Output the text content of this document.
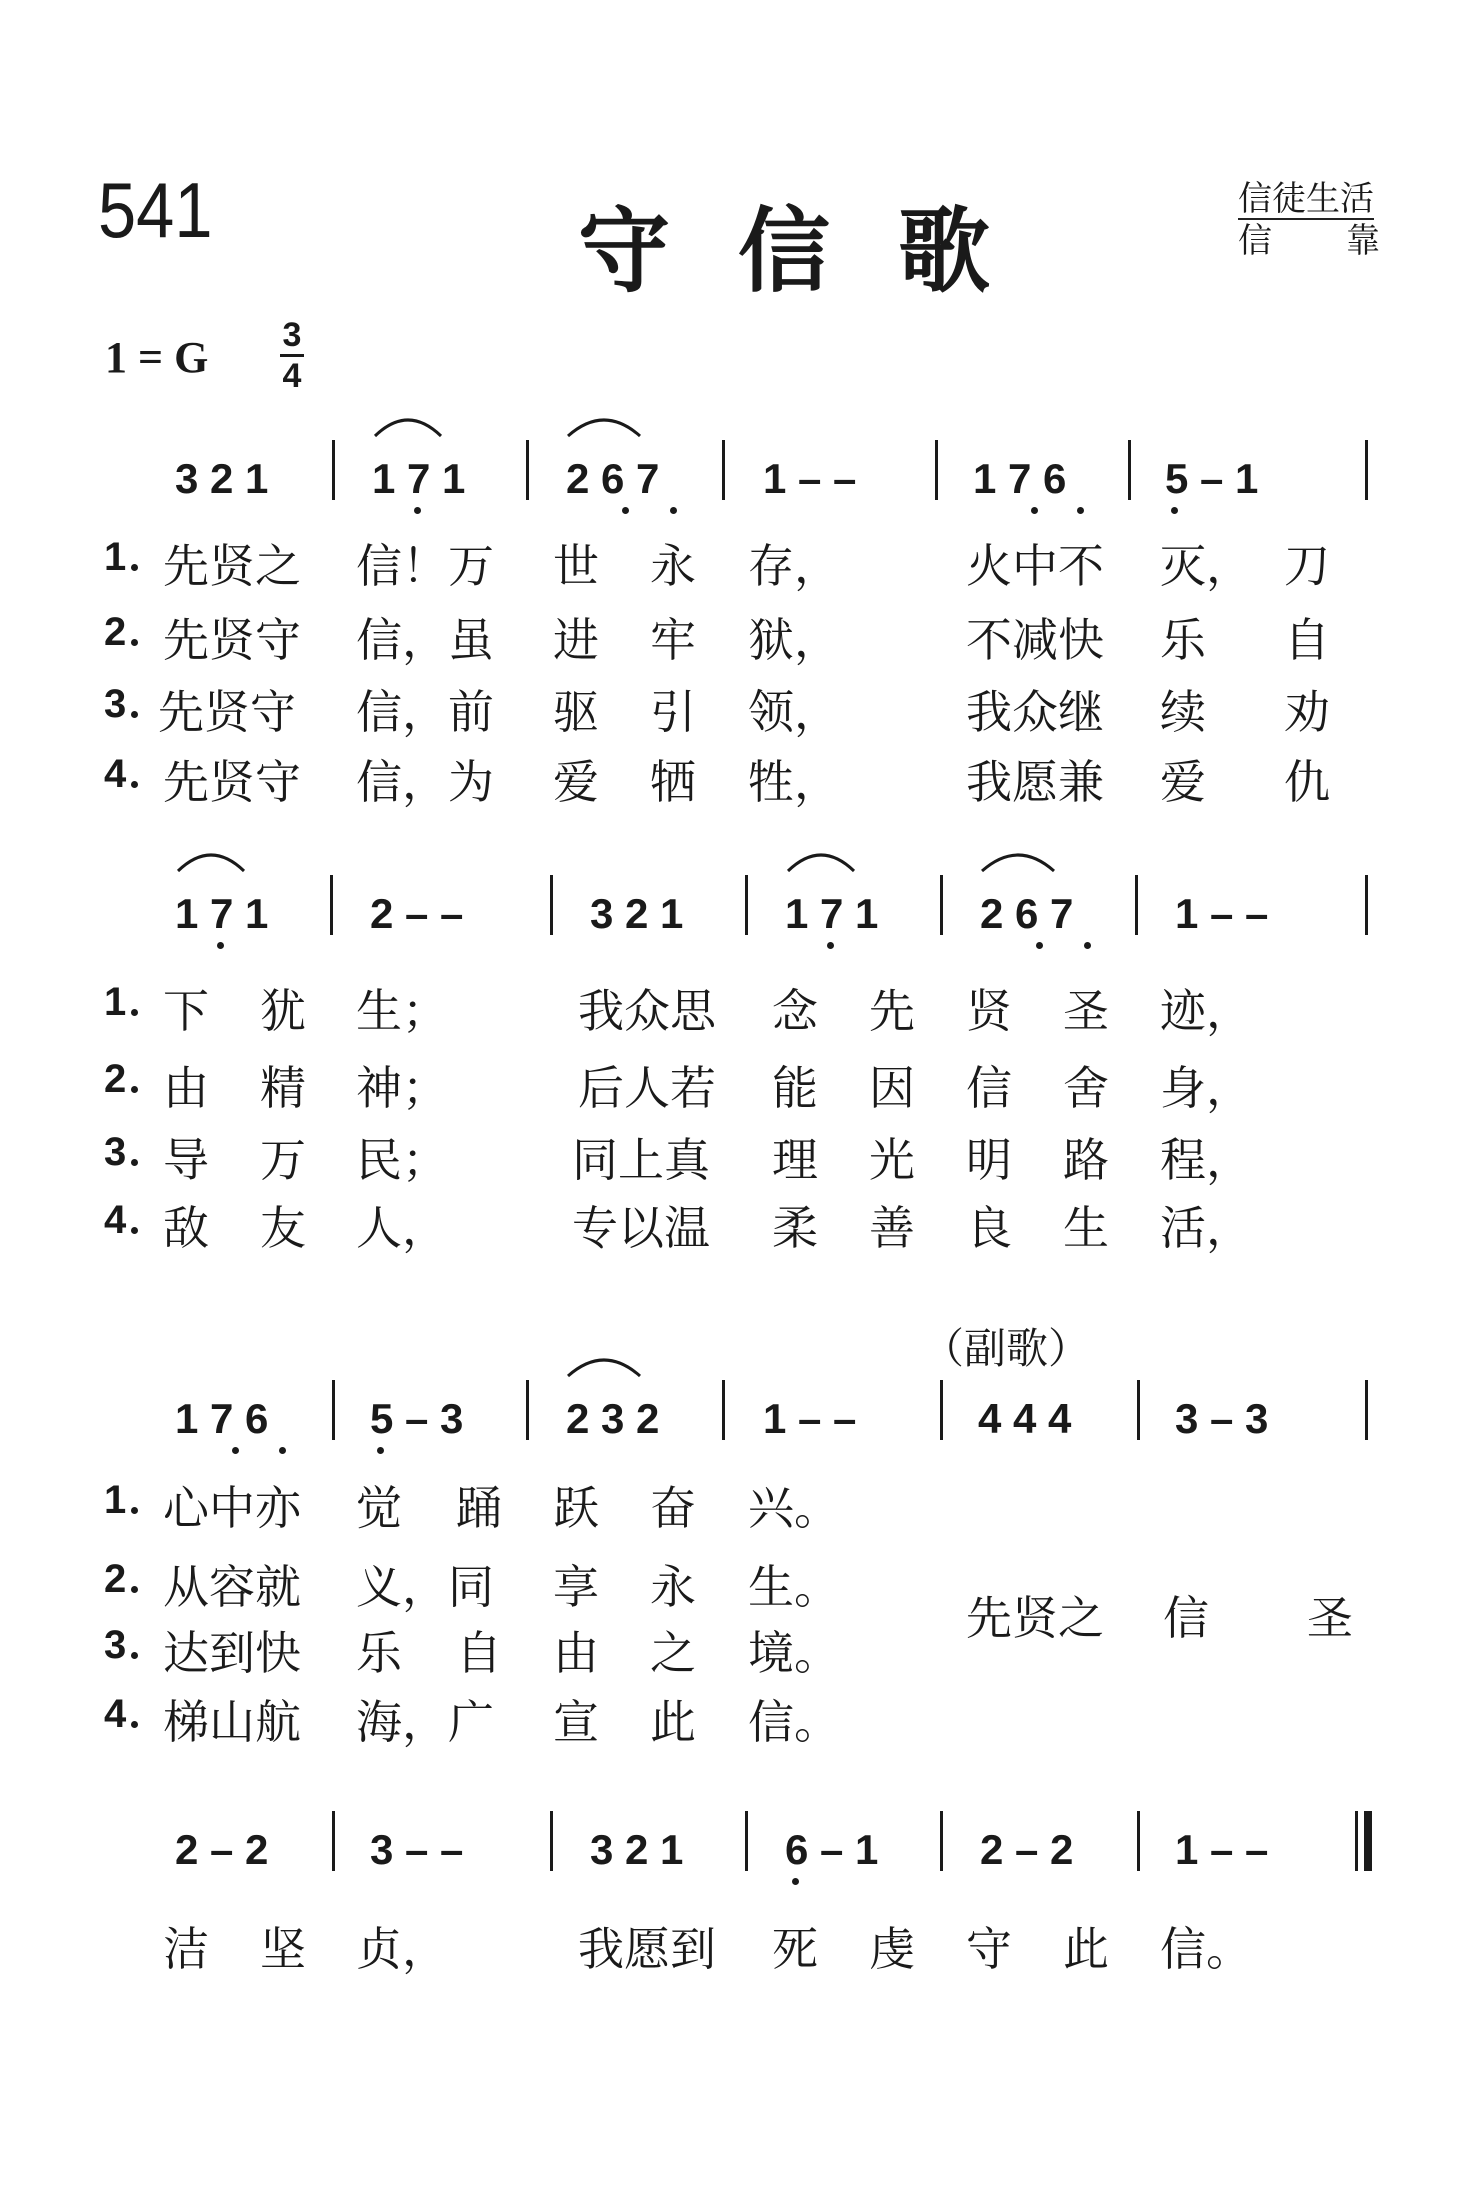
541	守信歌	信徒生活
信 靠
1 = G 3
4
3 2 1 1 7 1 2 6 7 1 – –	1 7 6 5 – 1
1
2
3
4
先贤之 信！万 世 永 存，	火中不 灭， 刀
先贤守 信，虽 进 牢 狱，	不减快 乐 自
先贤守 信，前 驱 引 领，	我众继 续 劝
先贤守 信，为 爱 牺 牲，	我愿兼 爱 仇
1 7 1 2 – –	3 2 1 1 7 1 2 6 7 1 – –
1
2
3
4
下 犹 生；	我众思 念 先 贤 圣 迹，
由 精 神；	后人若 能 因 信 舍 身，
导 万 民；	同上真 理 光 明 路 程，
敌 友 人，	专以温 柔 善 良 生 活，
（副歌）
1 7 6 5 – 3 2 3 2 1 – –	4 4 4 3 – 3
1
2
3
4
心中亦 觉 踊 跃 奋 兴。
从容就 义，同 享 永 生。
达到快 乐 自 由 之 境。
梯山航 海，广 宣 此 信。
先贤之 信 圣
2 – 2 3 – –	3 2 1 6 – 1 2 – 2 1 – –
洁 坚 贞，	我愿到 死 虔 守 此 信。
